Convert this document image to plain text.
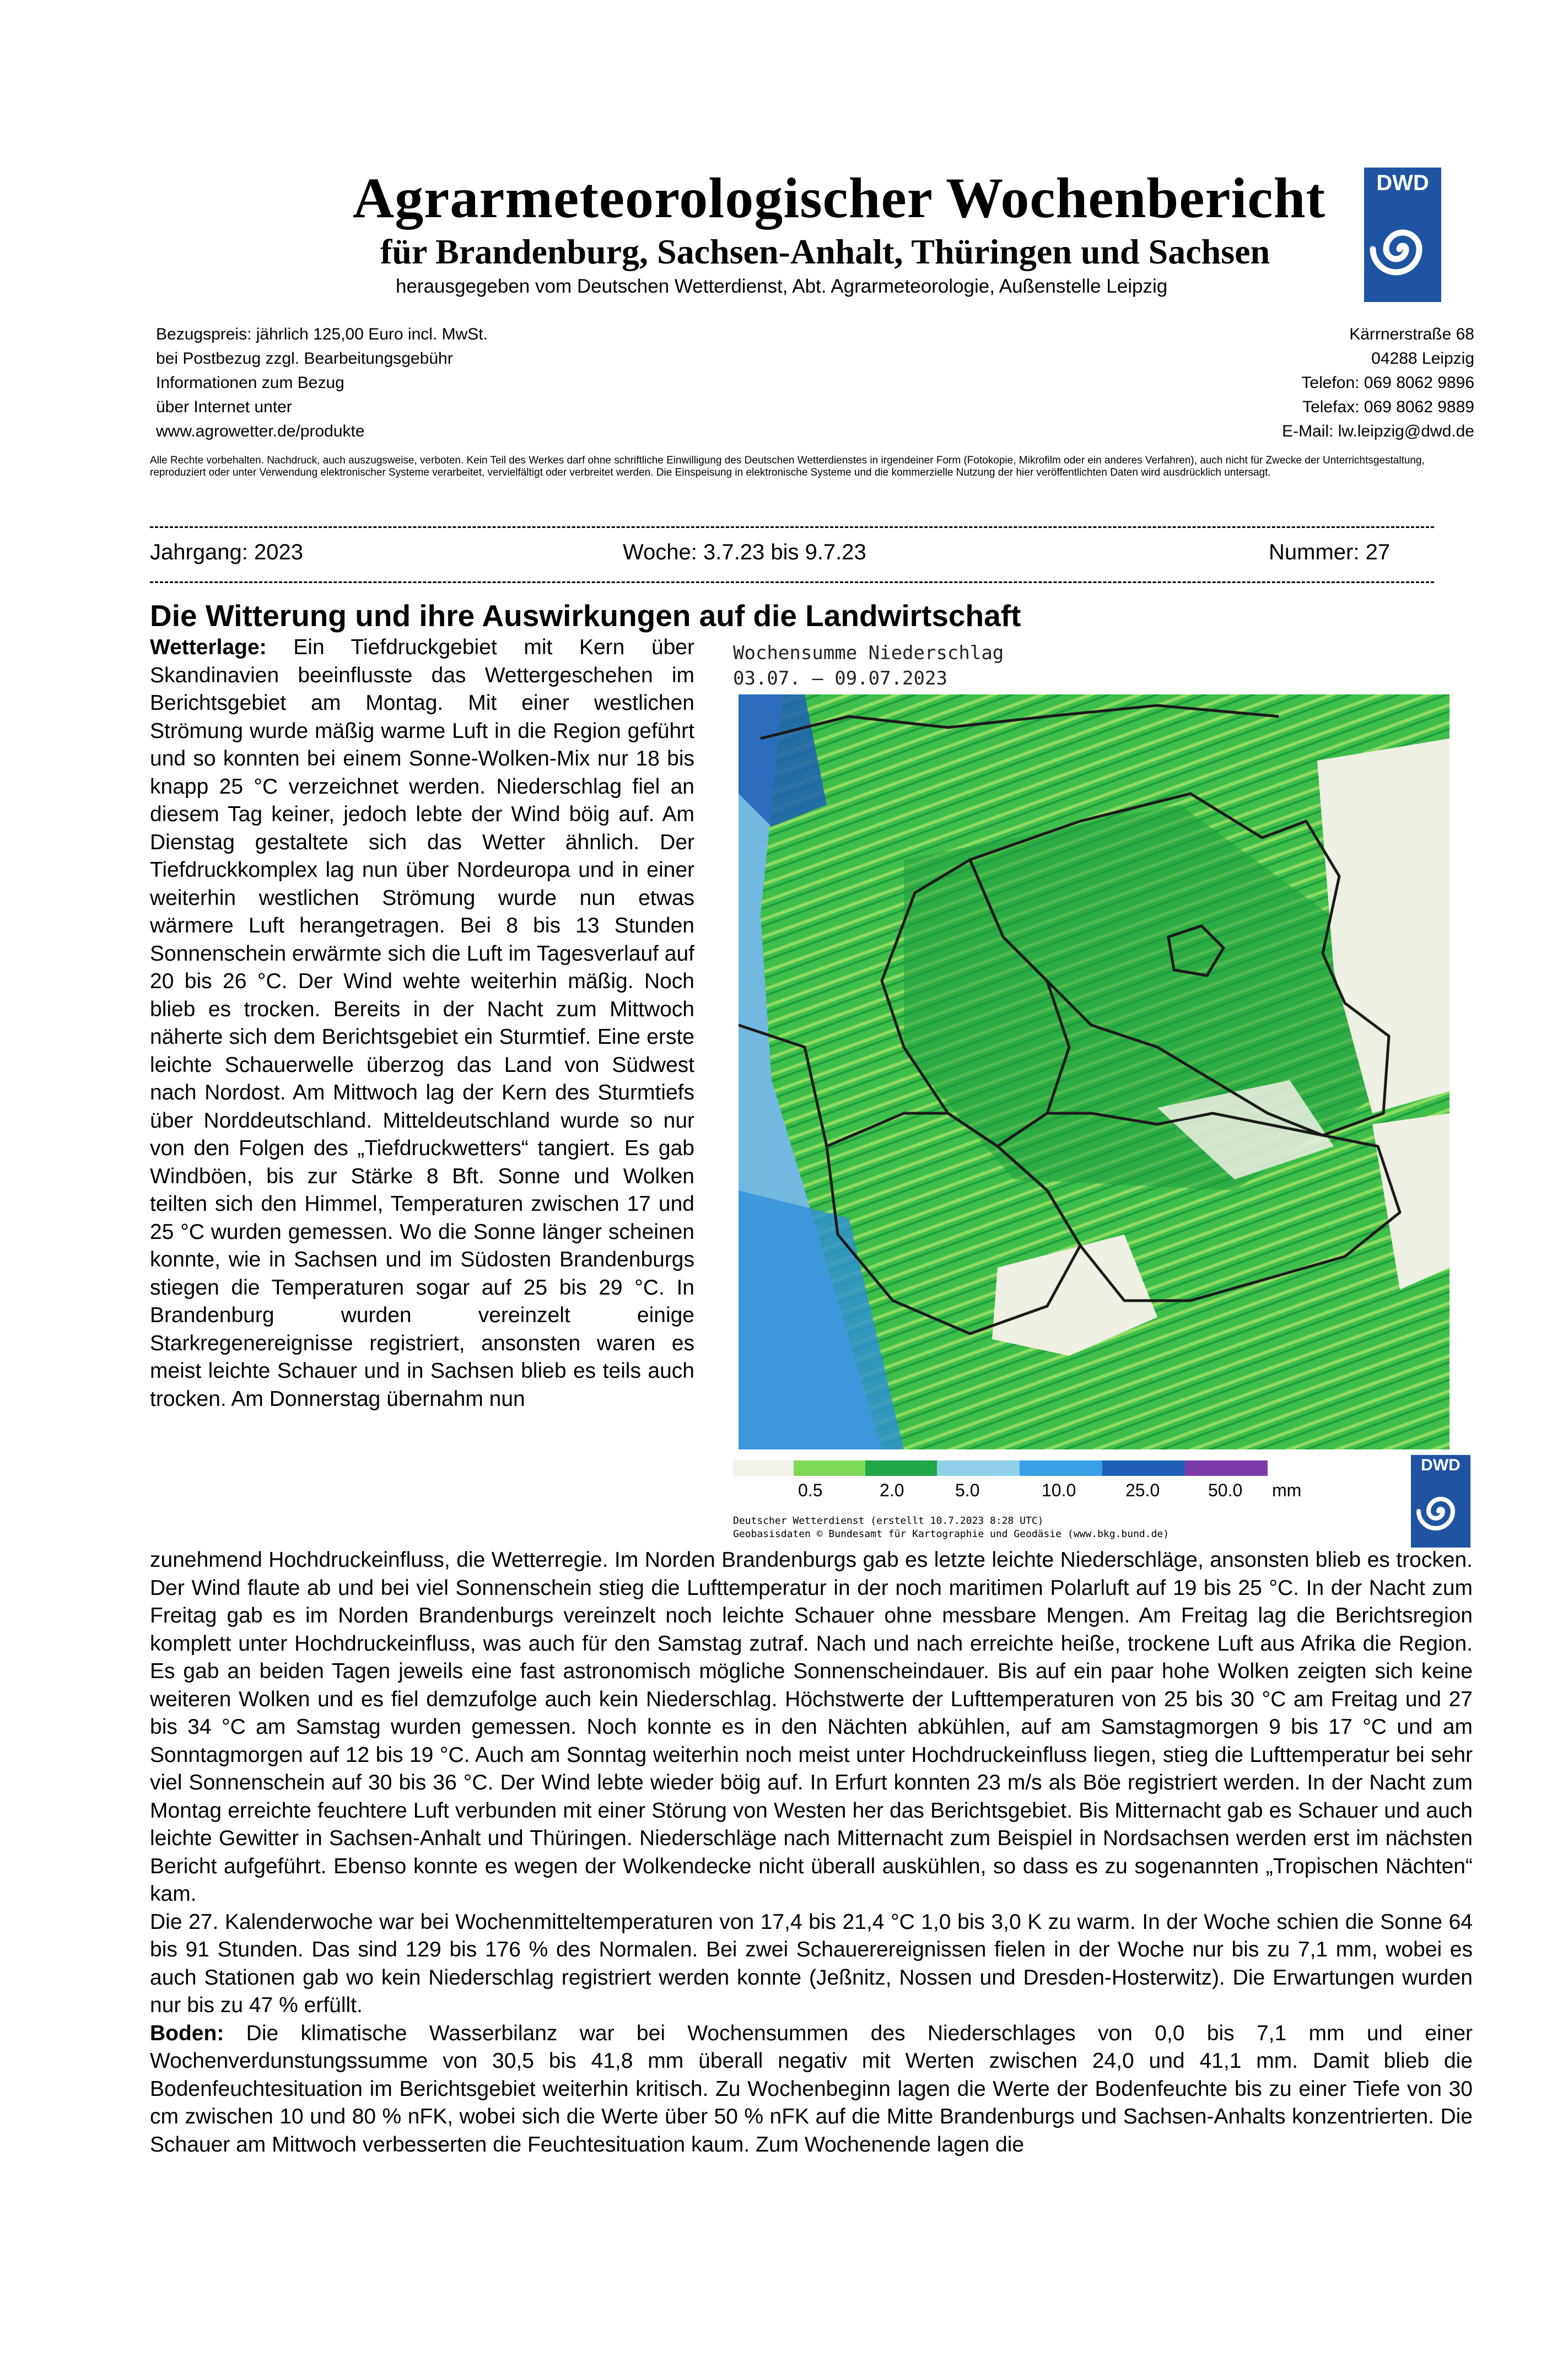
Agrarmeteorologischer Wochenbericht
für Brandenburg, Sachsen-Anhalt, Thüringen und Sachsen
herausgegeben vom Deutschen Wetterdienst, Abt. Agrarmeteorologie, Außenstelle Leipzig
DWD
Bezugspreis: jährlich 125,00 Euro incl. MwSt.
bei Postbezug zzgl. Bearbeitungsgebühr
Informationen zum Bezug
über Internet unter
www.agrowetter.de/produkte
Kärrnerstraße 68
04288 Leipzig
Telefon: 069 8062 9896
Telefax: 069 8062 9889
E-Mail: lw.leipzig@dwd.de
Alle Rechte vorbehalten. Nachdruck, auch auszugsweise, verboten. Kein Teil des Werkes darf ohne schriftliche Einwilligung des Deutschen Wetterdienstes in irgendeiner Form (Fotokopie, Mikrofilm oder ein anderes Verfahren), auch nicht für Zwecke der Unterrichtsgestaltung, reproduziert oder unter Verwendung elektronischer Systeme verarbeitet, vervielfältigt oder verbreitet werden. Die Einspeisung in elektronische Systeme und die kommerzielle Nutzung der hier veröffentlichten Daten wird ausdrücklich untersagt.
Jahrgang: 2023	Woche: 3.7.23 bis 9.7.23	Nummer: 27
Die Witterung und ihre Auswirkungen auf die Landwirtschaft
Wetterlage: Ein Tiefdruckgebiet mit Kern über Skandinavien beeinflusste das Wettergeschehen im Berichtsgebiet am Montag. Mit einer westlichen Strömung wurde mäßig warme Luft in die Region geführt und so konnten bei einem Sonne-Wolken-Mix nur 18 bis knapp 25 °C verzeichnet werden. Niederschlag fiel an diesem Tag keiner, jedoch lebte der Wind böig auf. Am Dienstag gestaltete sich das Wetter ähnlich. Der Tiefdruckkomplex lag nun über Nordeuropa und in einer weiterhin westlichen Strömung wurde nun etwas wärmere Luft herangetragen. Bei 8 bis 13 Stunden Sonnenschein erwärmte sich die Luft im Tagesverlauf auf 20 bis 26 °C. Der Wind wehte weiterhin mäßig. Noch blieb es trocken. Bereits in der Nacht zum Mittwoch näherte sich dem Berichtsgebiet ein Sturmtief. Eine erste leichte Schauerwelle überzog das Land von Südwest nach Nordost. Am Mittwoch lag der Kern des Sturmtiefs über Norddeutschland. Mitteldeutschland wurde so nur von den Folgen des „Tiefdruckwetters“ tangiert. Es gab Windböen, bis zur Stärke 8 Bft. Sonne und Wolken teilten sich den Himmel, Temperaturen zwischen 17 und 25 °C wurden gemessen. Wo die Sonne länger scheinen konnte, wie in Sachsen und im Südosten Brandenburgs stiegen die Temperaturen sogar auf 25 bis 29 °C. In Brandenburg wurden vereinzelt einige Starkregenereignisse registriert, ansonsten waren es meist leichte Schauer und in Sachsen blieb es teils auch trocken. Am Donnerstag übernahm nun
Wochensumme Niederschlag
03.07. – 09.07.2023
0.5	2.0	5.0	10.0	25.0	50.0 mm
DWD
Deutscher Wetterdienst (erstellt 10.7.2023 8:28 UTC)
Geobasisdaten © Bundesamt für Kartographie und Geodäsie (www.bkg.bund.de)

zunehmend Hochdruckeinfluss, die Wetterregie. Im Norden Brandenburgs gab es letzte leichte Niederschläge, ansonsten blieb es trocken. Der Wind flaute ab und bei viel Sonnenschein stieg die Lufttemperatur in der noch maritimen Polarluft auf 19 bis 25 °C. In der Nacht zum Freitag gab es im Norden Brandenburgs vereinzelt noch leichte Schauer ohne messbare Mengen. Am Freitag lag die Berichtsregion komplett unter Hochdruckeinfluss, was auch für den Samstag zutraf. Nach und nach erreichte heiße, trockene Luft aus Afrika die Region. Es gab an beiden Tagen jeweils eine fast astronomisch mögliche Sonnenscheindauer. Bis auf ein paar hohe Wolken zeigten sich keine weiteren Wolken und es fiel demzufolge auch kein Niederschlag. Höchstwerte der Lufttemperaturen von 25 bis 30 °C am Freitag und 27 bis 34 °C am Samstag wurden gemessen. Noch konnte es in den Nächten abkühlen, auf am Samstagmorgen 9 bis 17 °C und am Sonntagmorgen auf 12 bis 19 °C. Auch am Sonntag weiterhin noch meist unter Hochdruckeinfluss liegen, stieg die Lufttemperatur bei sehr viel Sonnenschein auf 30 bis 36 °C. Der Wind lebte wieder böig auf. In Erfurt konnten 23 m/s als Böe registriert werden. In der Nacht zum Montag erreichte feuchtere Luft verbunden mit einer Störung von Westen her das Berichtsgebiet. Bis Mitternacht gab es Schauer und auch leichte Gewitter in Sachsen-Anhalt und Thüringen. Niederschläge nach Mitternacht zum Beispiel in Nordsachsen werden erst im nächsten Bericht aufgeführt. Ebenso konnte es wegen der Wolkendecke nicht überall auskühlen, so dass es zu sogenannten „Tropischen Nächten“ kam.

Die 27. Kalenderwoche war bei Wochenmitteltemperaturen von 17,4 bis 21,4 °C 1,0 bis 3,0 K zu warm. In der Woche schien die Sonne 64 bis 91 Stunden. Das sind 129 bis 176 % des Normalen. Bei zwei Schauerereignissen fielen in der Woche nur bis zu 7,1 mm, wobei es auch Stationen gab wo kein Niederschlag registriert werden konnte (Jeßnitz, Nossen und Dresden-Hosterwitz). Die Erwartungen wurden nur bis zu 47 % erfüllt.

Boden: Die klimatische Wasserbilanz war bei Wochensummen des Niederschlages von 0,0 bis 7,1 mm und einer Wochenverdunstungssumme von 30,5 bis 41,8 mm überall negativ mit Werten zwischen 24,0 und 41,1 mm. Damit blieb die Bodenfeuchtesituation im Berichtsgebiet weiterhin kritisch. Zu Wochenbeginn lagen die Werte der Bodenfeuchte bis zu einer Tiefe von 30 cm zwischen 10 und 80 % nFK, wobei sich die Werte über 50 % nFK auf die Mitte Brandenburgs und Sachsen-Anhalts konzentrierten. Die Schauer am Mittwoch verbesserten die Feuchtesituation kaum. Zum Wochenende lagen die
